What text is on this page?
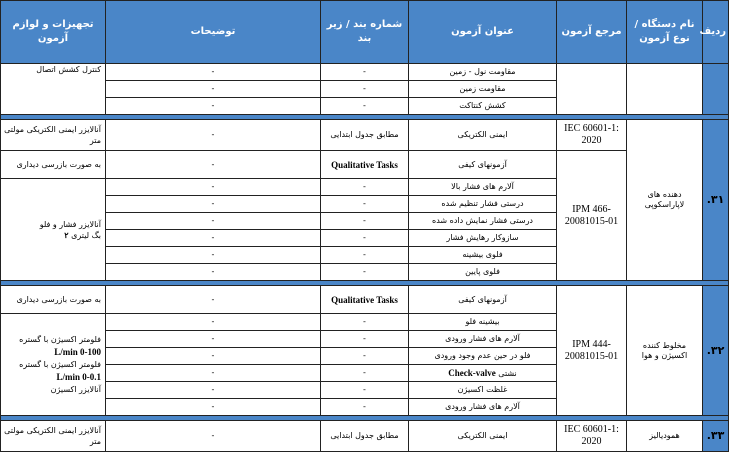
ردیف	نام دستگاه / نوع آزمون	مرجع آزمون	عنوان آزمون	شماره بند / زیر بند	توضیحات	تجهیزات و لوازم آزمون
			مقاومت نول - زمین	-	-	کنترل کشش اتصال
			مقاومت زمین	-	-	
			کشش کنتاکت	-	-	

۳۱.	دهنده های لاپاراسکوپی	IEC 60601-1: 2020	ایمنی الکتریکی	مطابق جدول ابتدایی	-	آنالایزر ایمنی الکتریکی مولتی متر
		IPM 466-20081015-01	آزمونهای کیفی	Qualitative Tasks	-	به صورت بازرسی دیداری
			آلارم های فشار بالا	-	-	آنالایزر فشار و فلو
بگ لیتری ۲

			درستی فشار تنظیم شده	-	-	
			درستی فشار نمایش داده شده	-	-	
			سازوکار رهایش فشار	-	-	
			فلوی بیشینه	-	-	
			فلوی پایین	-	-	

۳۲.	مخلوط کننده اکسیژن و هوا	IPM 444-20081015-01	آزمونهای کیفی	Qualitative Tasks	-	به صورت بازرسی دیداری
			بیشینه فلو	-	-	فلومتر اکسیژن با گستره L/min 0-100
فلومتر اکسیژن با گستره L/min 0-0.1
آنالایزر اکسیژن

			آلارم های فشار ورودی	-	-	
			فلو در حین عدم وجود ورودی	-	-	
			نشتی Check-valve	-	-	
			غلظت اکسیژن	-	-	
			آلارم های فشار ورودی	-	-	

۳۳.	همودیالیز	IEC 60601-1: 2020	ایمنی الکتریکی	مطابق جدول ابتدایی	-	آنالایزر ایمنی الکتریکی مولتی متر
